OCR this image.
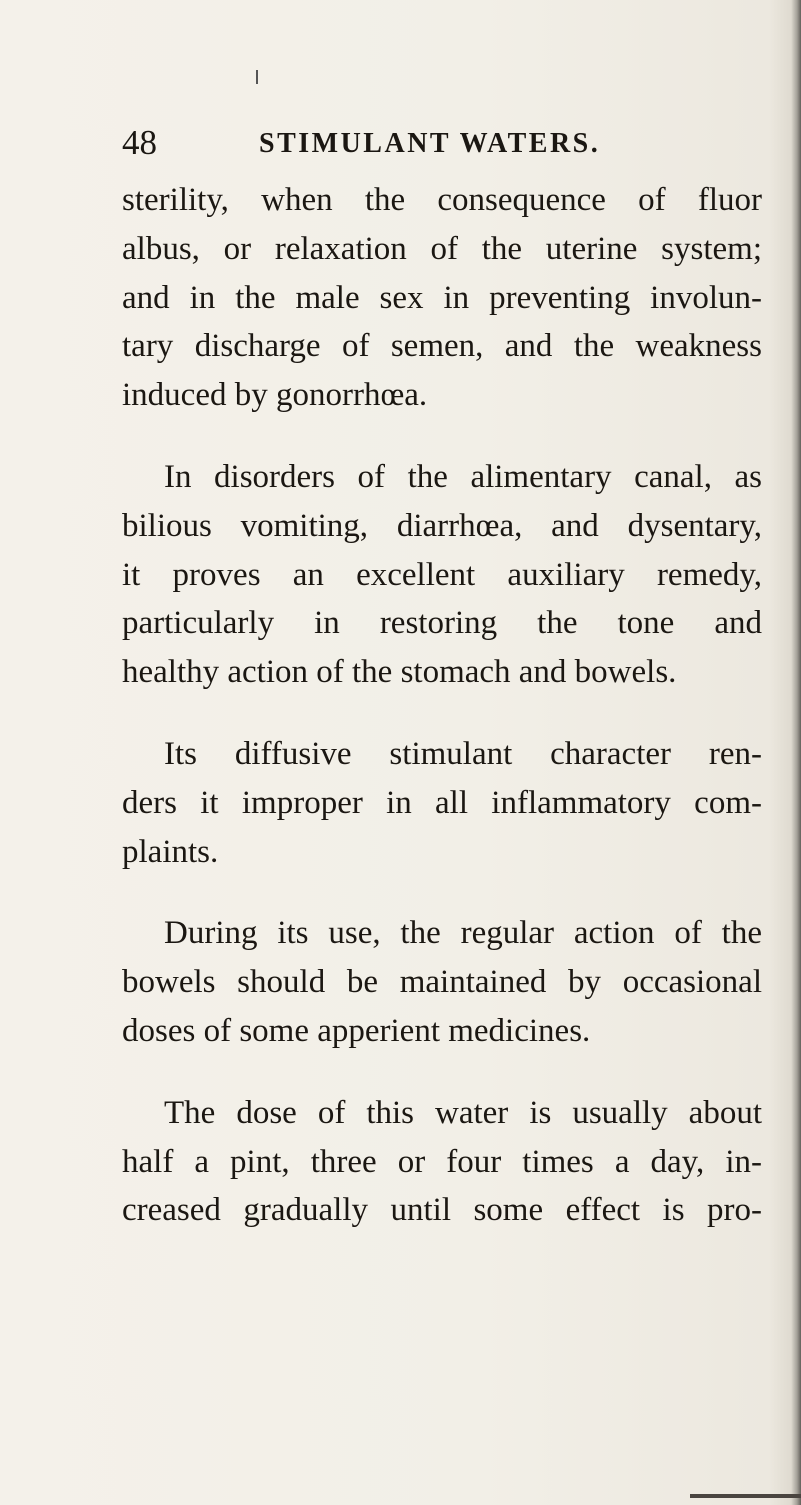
48	STIMULANT WATERS.

sterility, when the consequence of fluor
albus, or relaxation of the uterine system;
and in the male sex in preventing involun-
tary discharge of semen, and the weakness
induced by gonorrhœa.

In disorders of the alimentary canal, as
bilious vomiting, diarrhœa, and dysentary,
it proves an excellent auxiliary remedy,
particularly in restoring the tone and
healthy action of the stomach and bowels.

Its diffusive stimulant character ren-
ders it improper in all inflammatory com-
plaints.

During its use, the regular action of the
bowels should be maintained by occasional
doses of some apperient medicines.

The dose of this water is usually about
half a pint, three or four times a day, in-
creased gradually until some effect is pro-
